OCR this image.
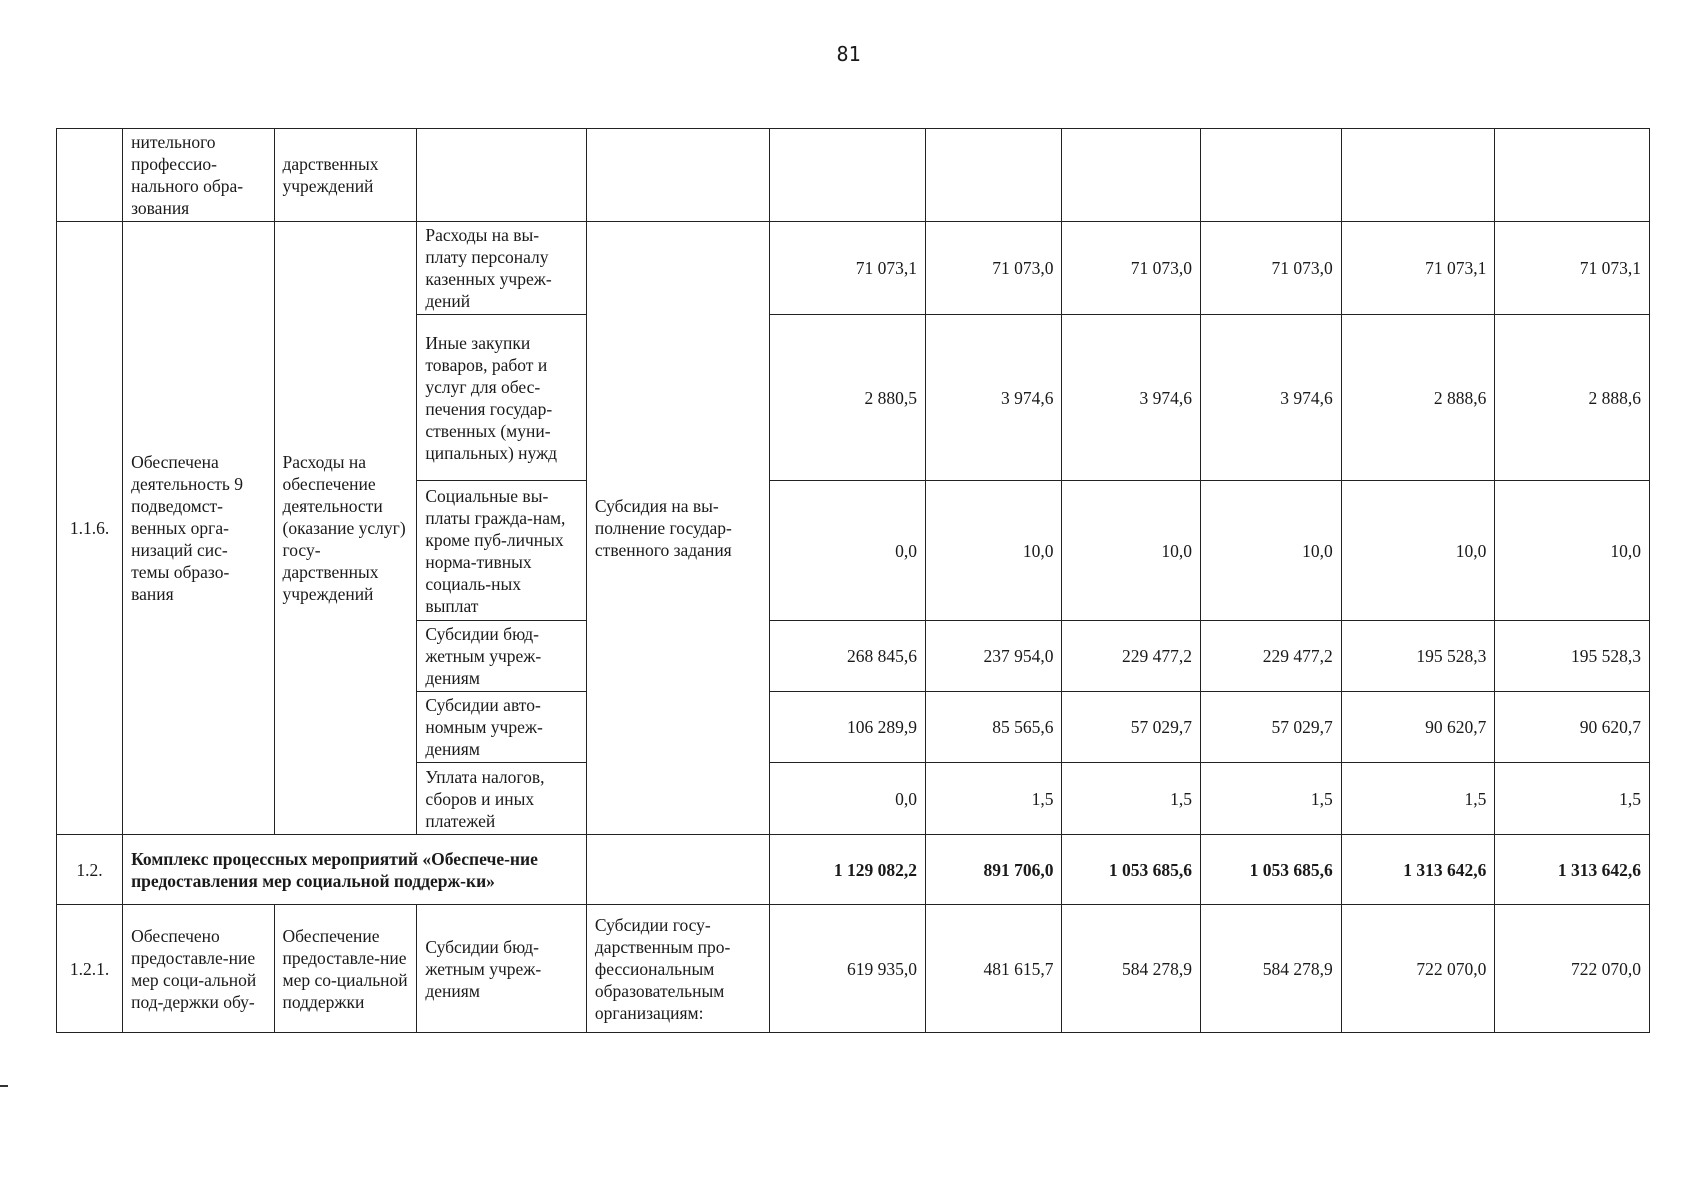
81
	нительного профессио-нального обра-зования	дарственных учреждений								
1.1.6.	Обеспечена деятельность 9 подведомст-венных орга-низаций сис-темы образо-вания	Расходы на обеспечение деятельности (оказание услуг) госу-дарственных учреждений	Расходы на вы-плату персоналу казенных учреж-дений	Субсидия на вы-полнение государ-ственного задания	71 073,1	71 073,0	71 073,0	71 073,0	71 073,1	71 073,1
			Иные закупки товаров, работ и услуг для обес-печения государ-ственных (муни-ципальных) нужд		2 880,5	3 974,6	3 974,6	3 974,6	2 888,6	2 888,6
			Социальные вы-платы гражда-нам, кроме пуб-личных норма-тивных социаль-ных выплат		0,0	10,0	10,0	10,0	10,0	10,0
			Субсидии бюд-жетным учреж-дениям		268 845,6	237 954,0	229 477,2	229 477,2	195 528,3	195 528,3
			Субсидии авто-номным учреж-дениям		106 289,9	85 565,6	57 029,7	57 029,7	90 620,7	90 620,7
			Уплата налогов, сборов и иных платежей		0,0	1,5	1,5	1,5	1,5	1,5
1.2.	Комплекс процессных мероприятий «Обеспече-ние предоставления мер социальной поддерж-ки»				1 129 082,2	891 706,0	1 053 685,6	1 053 685,6	1 313 642,6	1 313 642,6
1.2.1.	Обеспечено предоставле-ние мер соци-альной под-держки обу-	Обеспечение предоставле-ние мер со-циальной поддержки	Субсидии бюд-жетным учреж-дениям	Субсидии госу-дарственным про-фессиональным образовательным организациям:	619 935,0	481 615,7	584 278,9	584 278,9	722 070,0	722 070,0
